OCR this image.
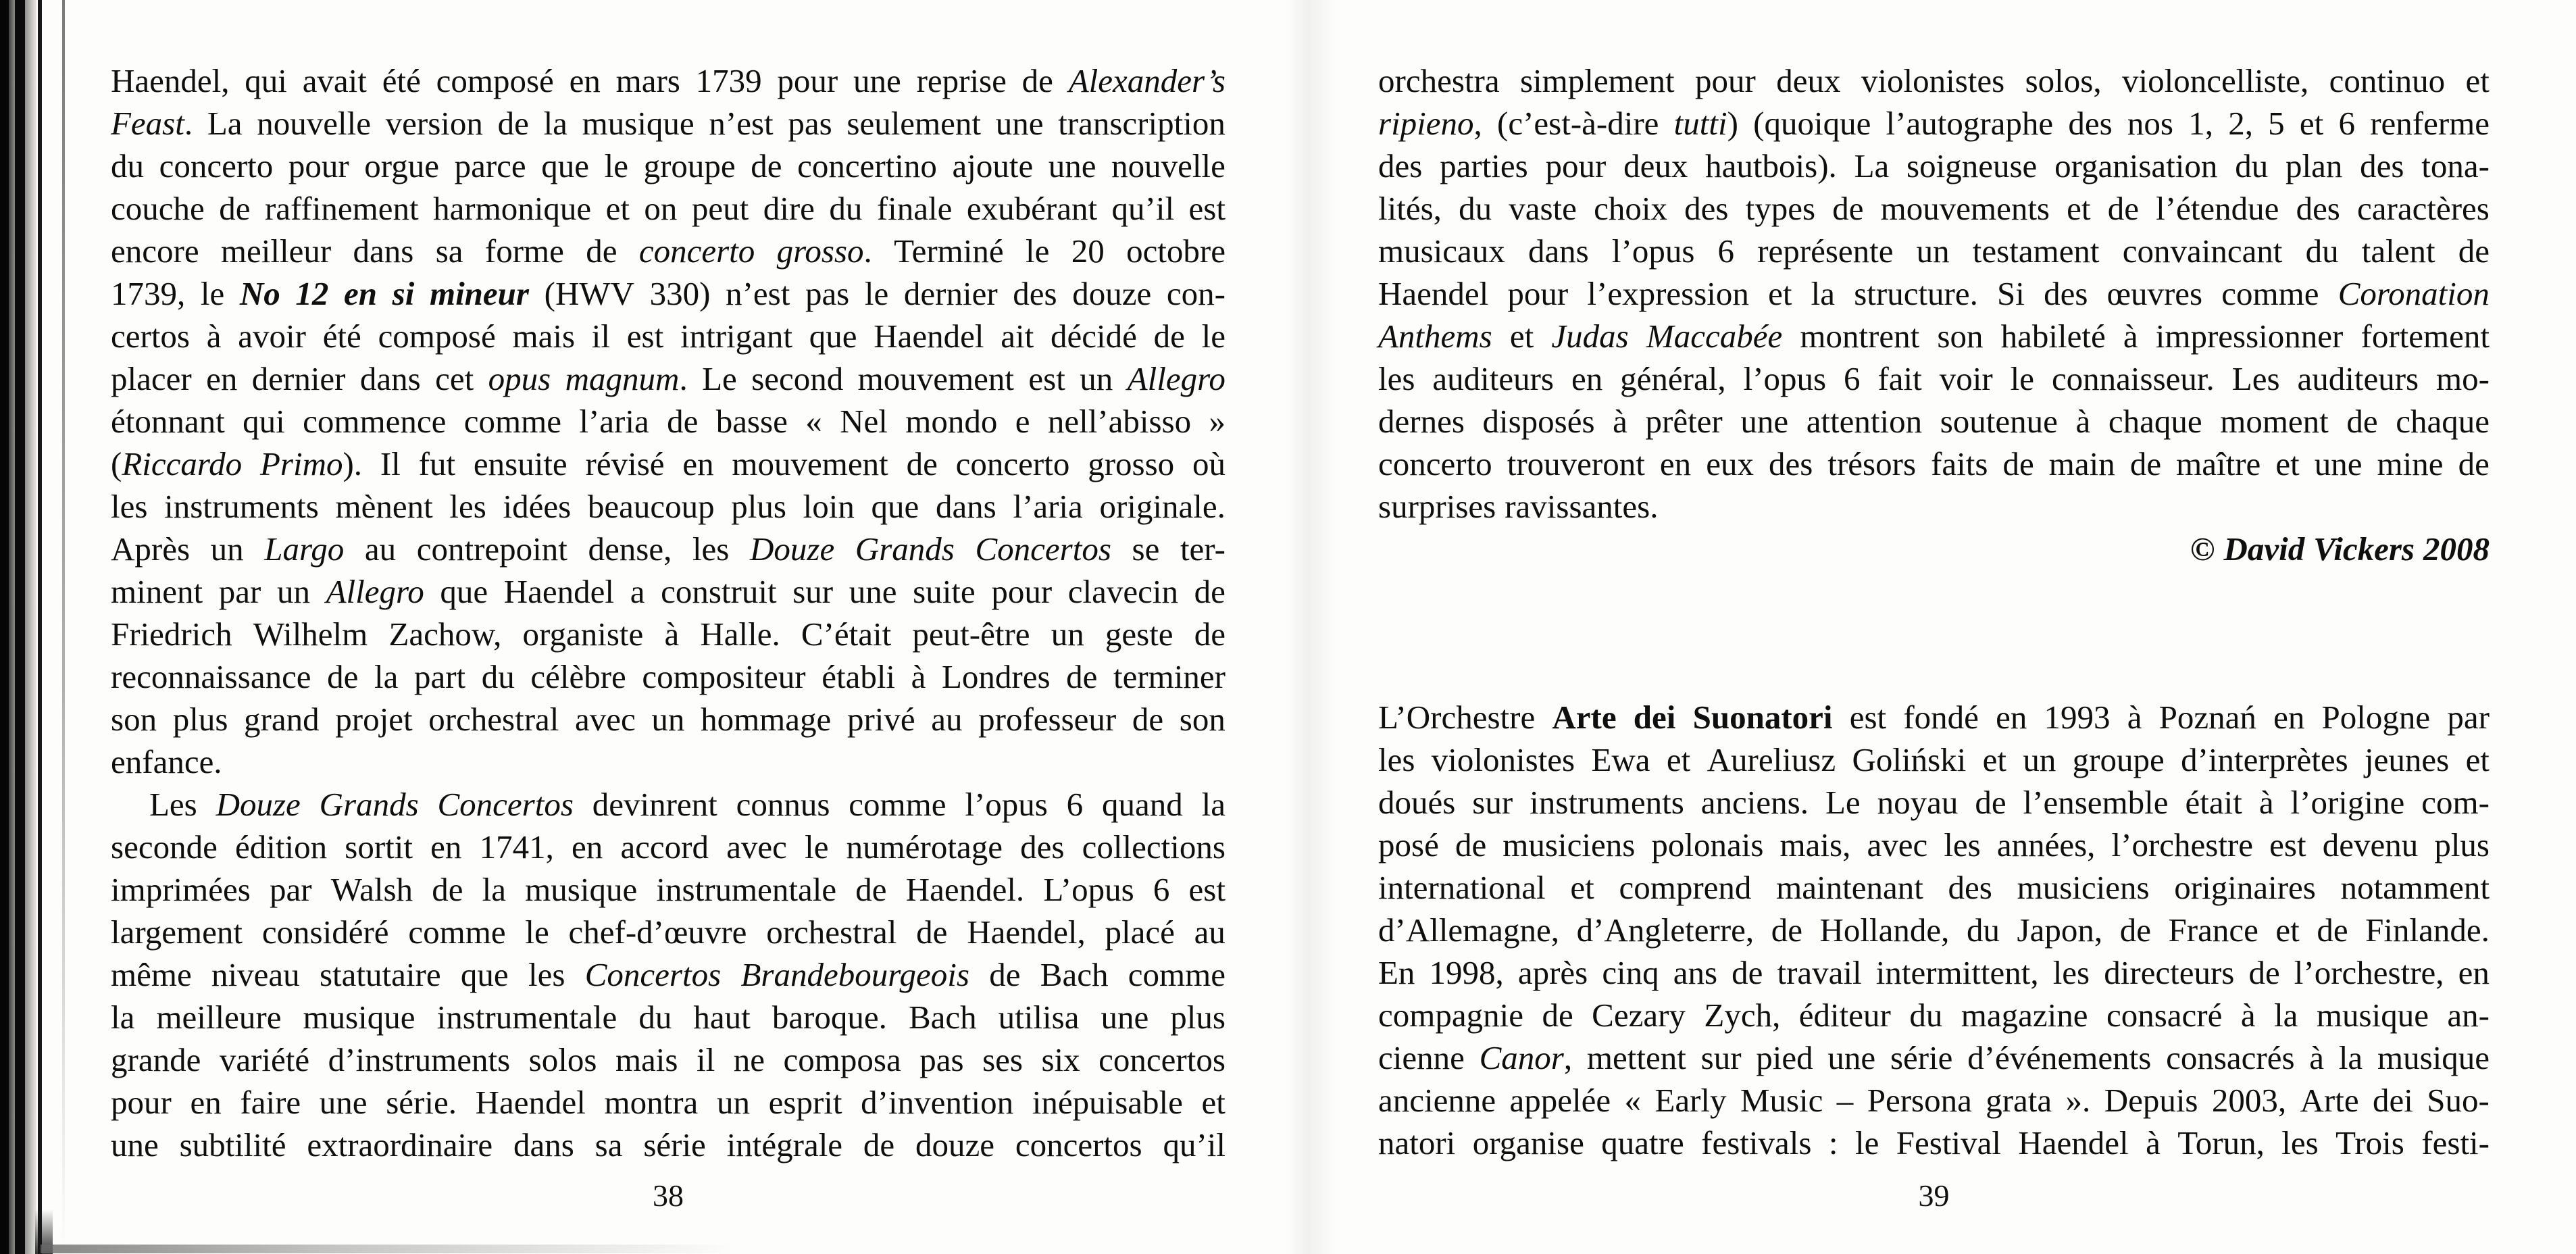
Haendel, qui avait été composé en mars 1739 pour une reprise de Alexander’s
Feast. La nouvelle version de la musique n’est pas seulement une transcription
du concerto pour orgue parce que le groupe de concertino ajoute une nouvelle
couche de raffinement harmonique et on peut dire du finale exubérant qu’il est
encore meilleur dans sa forme de concerto grosso. Terminé le 20 octobre
1739, le No 12 en si mineur (HWV 330) n’est pas le dernier des douze con-
certos à avoir été composé mais il est intrigant que Haendel ait décidé de le
placer en dernier dans cet opus magnum. Le second mouvement est un Allegro
étonnant qui commence comme l’aria de basse « Nel mondo e nell’abisso »
(Riccardo Primo). Il fut ensuite révisé en mouvement de concerto grosso où
les instruments mènent les idées beaucoup plus loin que dans l’aria originale.
Après un Largo au contrepoint dense, les Douze Grands Concertos se ter-
minent par un Allegro que Haendel a construit sur une suite pour clavecin de
Friedrich Wilhelm Zachow, organiste à Halle. C’était peut-être un geste de
reconnaissance de la part du célèbre compositeur établi à Londres de terminer
son plus grand projet orchestral avec un hommage privé au professeur de son
enfance.
Les Douze Grands Concertos devinrent connus comme l’opus 6 quand la
seconde édition sortit en 1741, en accord avec le numérotage des collections
imprimées par Walsh de la musique instrumentale de Haendel. L’opus 6 est
largement considéré comme le chef-d’œuvre orchestral de Haendel, placé au
même niveau statutaire que les Concertos Brandebourgeois de Bach comme
la meilleure musique instrumentale du haut baroque. Bach utilisa une plus
grande variété d’instruments solos mais il ne composa pas ses six concertos
pour en faire une série. Haendel montra un esprit d’invention inépuisable et
une subtilité extraordinaire dans sa série intégrale de douze concertos qu’il
orchestra simplement pour deux violonistes solos, violoncelliste, continuo et
ripieno, (c’est-à-dire tutti) (quoique l’autographe des nos 1, 2, 5 et 6 renferme
des parties pour deux hautbois). La soigneuse organisation du plan des tona-
lités, du vaste choix des types de mouvements et de l’étendue des caractères
musicaux dans l’opus 6 représente un testament convaincant du talent de
Haendel pour l’expression et la structure. Si des œuvres comme Coronation
Anthems et Judas Maccabée montrent son habileté à impressionner fortement
les auditeurs en général, l’opus 6 fait voir le connaisseur. Les auditeurs mo-
dernes disposés à prêter une attention soutenue à chaque moment de chaque
concerto trouveront en eux des trésors faits de main de maître et une mine de
surprises ravissantes.
© David Vickers 2008
L’Orchestre Arte dei Suonatori est fondé en 1993 à Poznań en Pologne par
les violonistes Ewa et Aureliusz Goliński et un groupe d’interprètes jeunes et
doués sur instruments anciens. Le noyau de l’ensemble était à l’origine com-
posé de musiciens polonais mais, avec les années, l’orchestre est devenu plus
international et comprend maintenant des musiciens originaires notamment
d’Allemagne, d’Angleterre, de Hollande, du Japon, de France et de Finlande.
En 1998, après cinq ans de travail intermittent, les directeurs de l’orchestre, en
compagnie de Cezary Zych, éditeur du magazine consacré à la musique an-
cienne Canor, mettent sur pied une série d’événements consacrés à la musique
ancienne appelée « Early Music – Persona grata ». Depuis 2003, Arte dei Suo-
natori organise quatre festivals : le Festival Haendel à Torun, les Trois festi-
38	39
